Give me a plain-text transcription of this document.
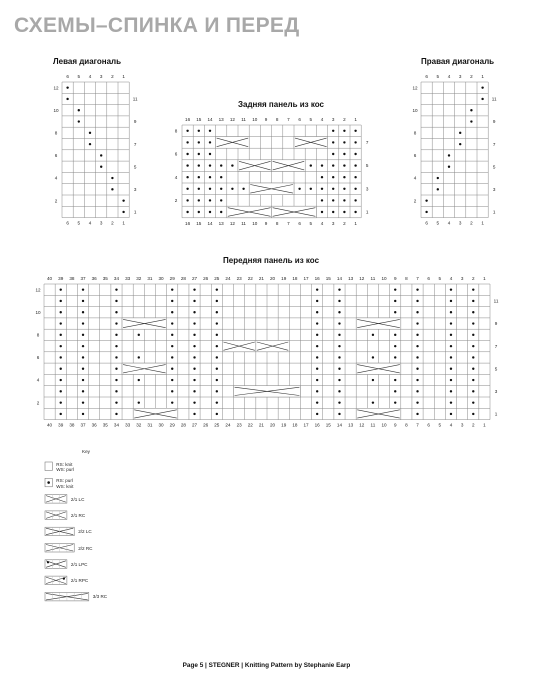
СХЕМЫ–СПИНКА И ПЕРЕД
Левая диагональ	Правая диагональ
Задняя панель из кос
Передняя панель из кос
6
6
5
5
4
4
3
3
2
2
1
1
1
2
3
4
5
6
7
8
9
10
11
12
6
6
5
5
4
4
3
3
2
2
1
1
1
2
3
4
5
6
7
8
9
10
11
12
16
16
15
15
14
14
13
13
12
12
11
11
10
10
9
9
8
8
7
7
6
6
5
5
4
4
3
3
2
2
1
1
1
2
3
4
5
6
7
8
40
40
39
39
38
38
37
37
36
36
35
35
34
34
33
33
32
32
31
31
30
30
29
29
28
28
27
27
26
26
25
25
24
24
23
23
22
22
21
21
20
20
19
19
18
18
17
17
16
16
15
15
14
14
13
13
12
12
11
11
10
10
9
9
8
8
7
7
6
6
5
5
4
4
3
3
2
2
1
1
1
2
3
4
5
6
7
8
9
10
11
12
Key
RS: knit
WS: purl
RS: purl
WS: knit
2/1 LC
2/1 RC
2/2 LC
2/2 RC
2/1 LPC
2/1 RPC
3/3 RC
Page 5 | STEGNER | Knitting Pattern by Stephanie Earp
